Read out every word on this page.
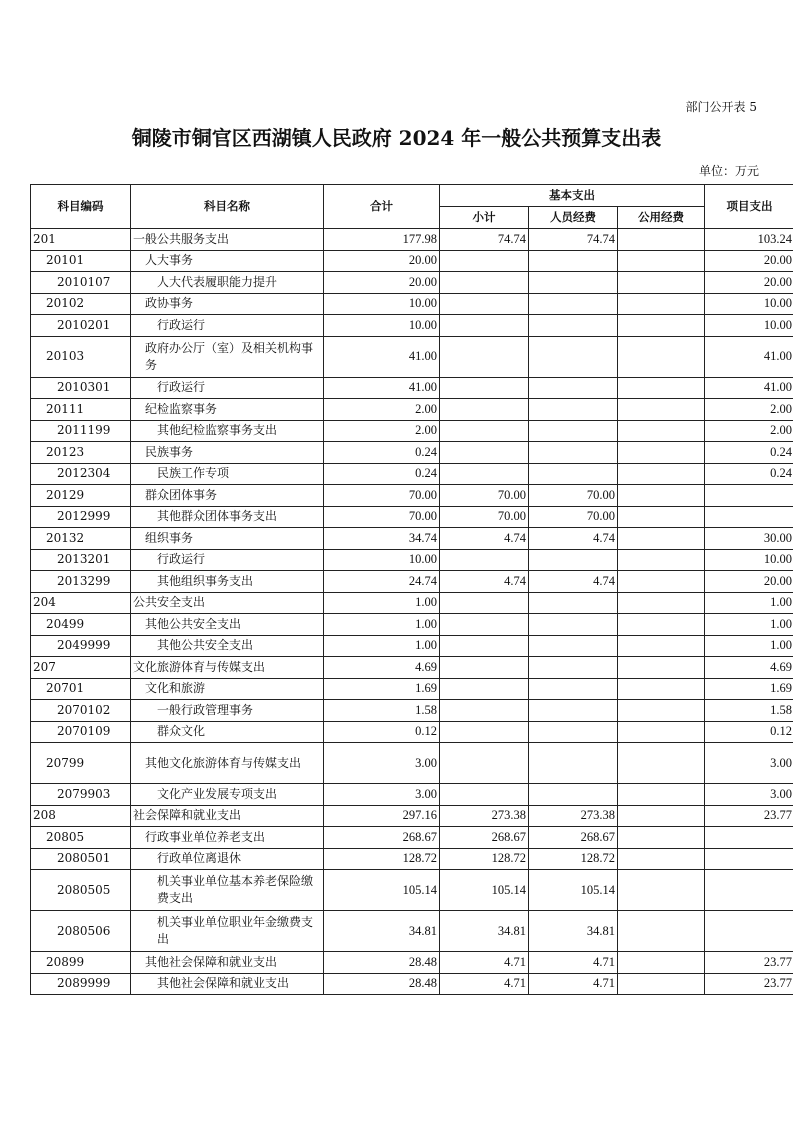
部门公开表 5
铜陵市铜官区西湖镇人民政府 2024 年一般公共预算支出表
单位：万元
科目编码	科目名称	合计	基本支出			项目支出
			小计	人员经费	公用经费	
201	一般公共服务支出	177.98	74.74	74.74		103.24
20101	人大事务	20.00				20.00
2010107	人大代表履职能力提升	20.00				20.00
20102	政协事务	10.00				10.00
2010201	行政运行	10.00				10.00
20103	政府办公厅（室）及相关机构事务	41.00				41.00
2010301	行政运行	41.00				41.00
20111	纪检监察事务	2.00				2.00
2011199	其他纪检监察事务支出	2.00				2.00
20123	民族事务	0.24				0.24
2012304	民族工作专项	0.24				0.24
20129	群众团体事务	70.00	70.00	70.00		
2012999	其他群众团体事务支出	70.00	70.00	70.00		
20132	组织事务	34.74	4.74	4.74		30.00
2013201	行政运行	10.00				10.00
2013299	其他组织事务支出	24.74	4.74	4.74		20.00
204	公共安全支出	1.00				1.00
20499	其他公共安全支出	1.00				1.00
2049999	其他公共安全支出	1.00				1.00
207	文化旅游体育与传媒支出	4.69				4.69
20701	文化和旅游	1.69				1.69
2070102	一般行政管理事务	1.58				1.58
2070109	群众文化	0.12				0.12
20799	其他文化旅游体育与传媒支出	3.00				3.00
2079903	文化产业发展专项支出	3.00				3.00
208	社会保障和就业支出	297.16	273.38	273.38		23.77
20805	行政事业单位养老支出	268.67	268.67	268.67		
2080501	行政单位离退休	128.72	128.72	128.72		
2080505	机关事业单位基本养老保险缴费支出	105.14	105.14	105.14		
2080506	机关事业单位职业年金缴费支出	34.81	34.81	34.81		
20899	其他社会保障和就业支出	28.48	4.71	4.71		23.77
2089999	其他社会保障和就业支出	28.48	4.71	4.71		23.77
